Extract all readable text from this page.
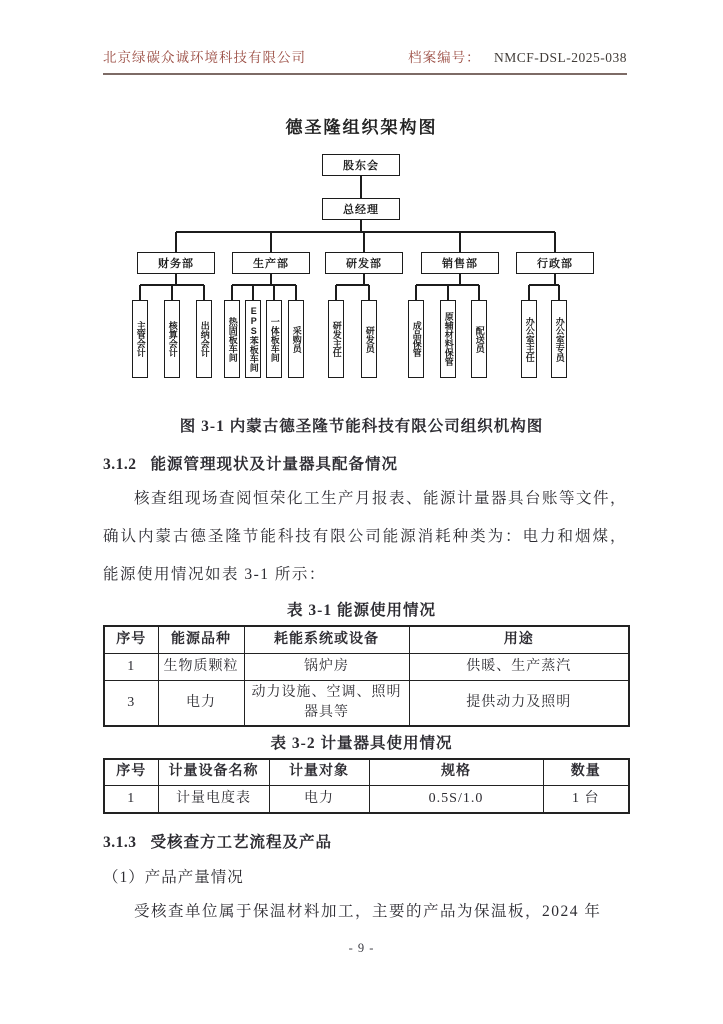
北京绿碳众诚环境科技有限公司	档案编号： NMCF-DSL-2025-038
德圣隆组织架构图
股东会
总经理
财务部
主管会计	核算会计	出纳会计
生产部
热固板车间	EPS苯板车间	一体板车间	采购员
研发部
研发主任	研发员
销售部
成品保管	原辅材料保管	配送员
行政部
办公室主任	办公室专员
图 3-1 内蒙古德圣隆节能科技有限公司组织机构图
3.1.2 能源管理现状及计量器具配备情况
核查组现场查阅恒荣化工生产月报表、能源计量器具台账等文件，确认内蒙古德圣隆节能科技有限公司能源消耗种类为：电力和烟煤，能源使用情况如表 3-1 所示：
表 3-1 能源使用情况
序号	能源品种	耗能系统或设备	用途
1	生物质颗粒	锅炉房	供暖、生产蒸汽
3	电力	动力设施、空调、照明器具等	提供动力及照明
表 3-2 计量器具使用情况
序号	计量设备名称	计量对象	规格	数量
1	计量电度表	电力	0.5S/1.0	1 台
3.1.3 受核查方工艺流程及产品
（1）产品产量情况
受核查单位属于保温材料加工，主要的产品为保温板，2024 年
- 9 -
